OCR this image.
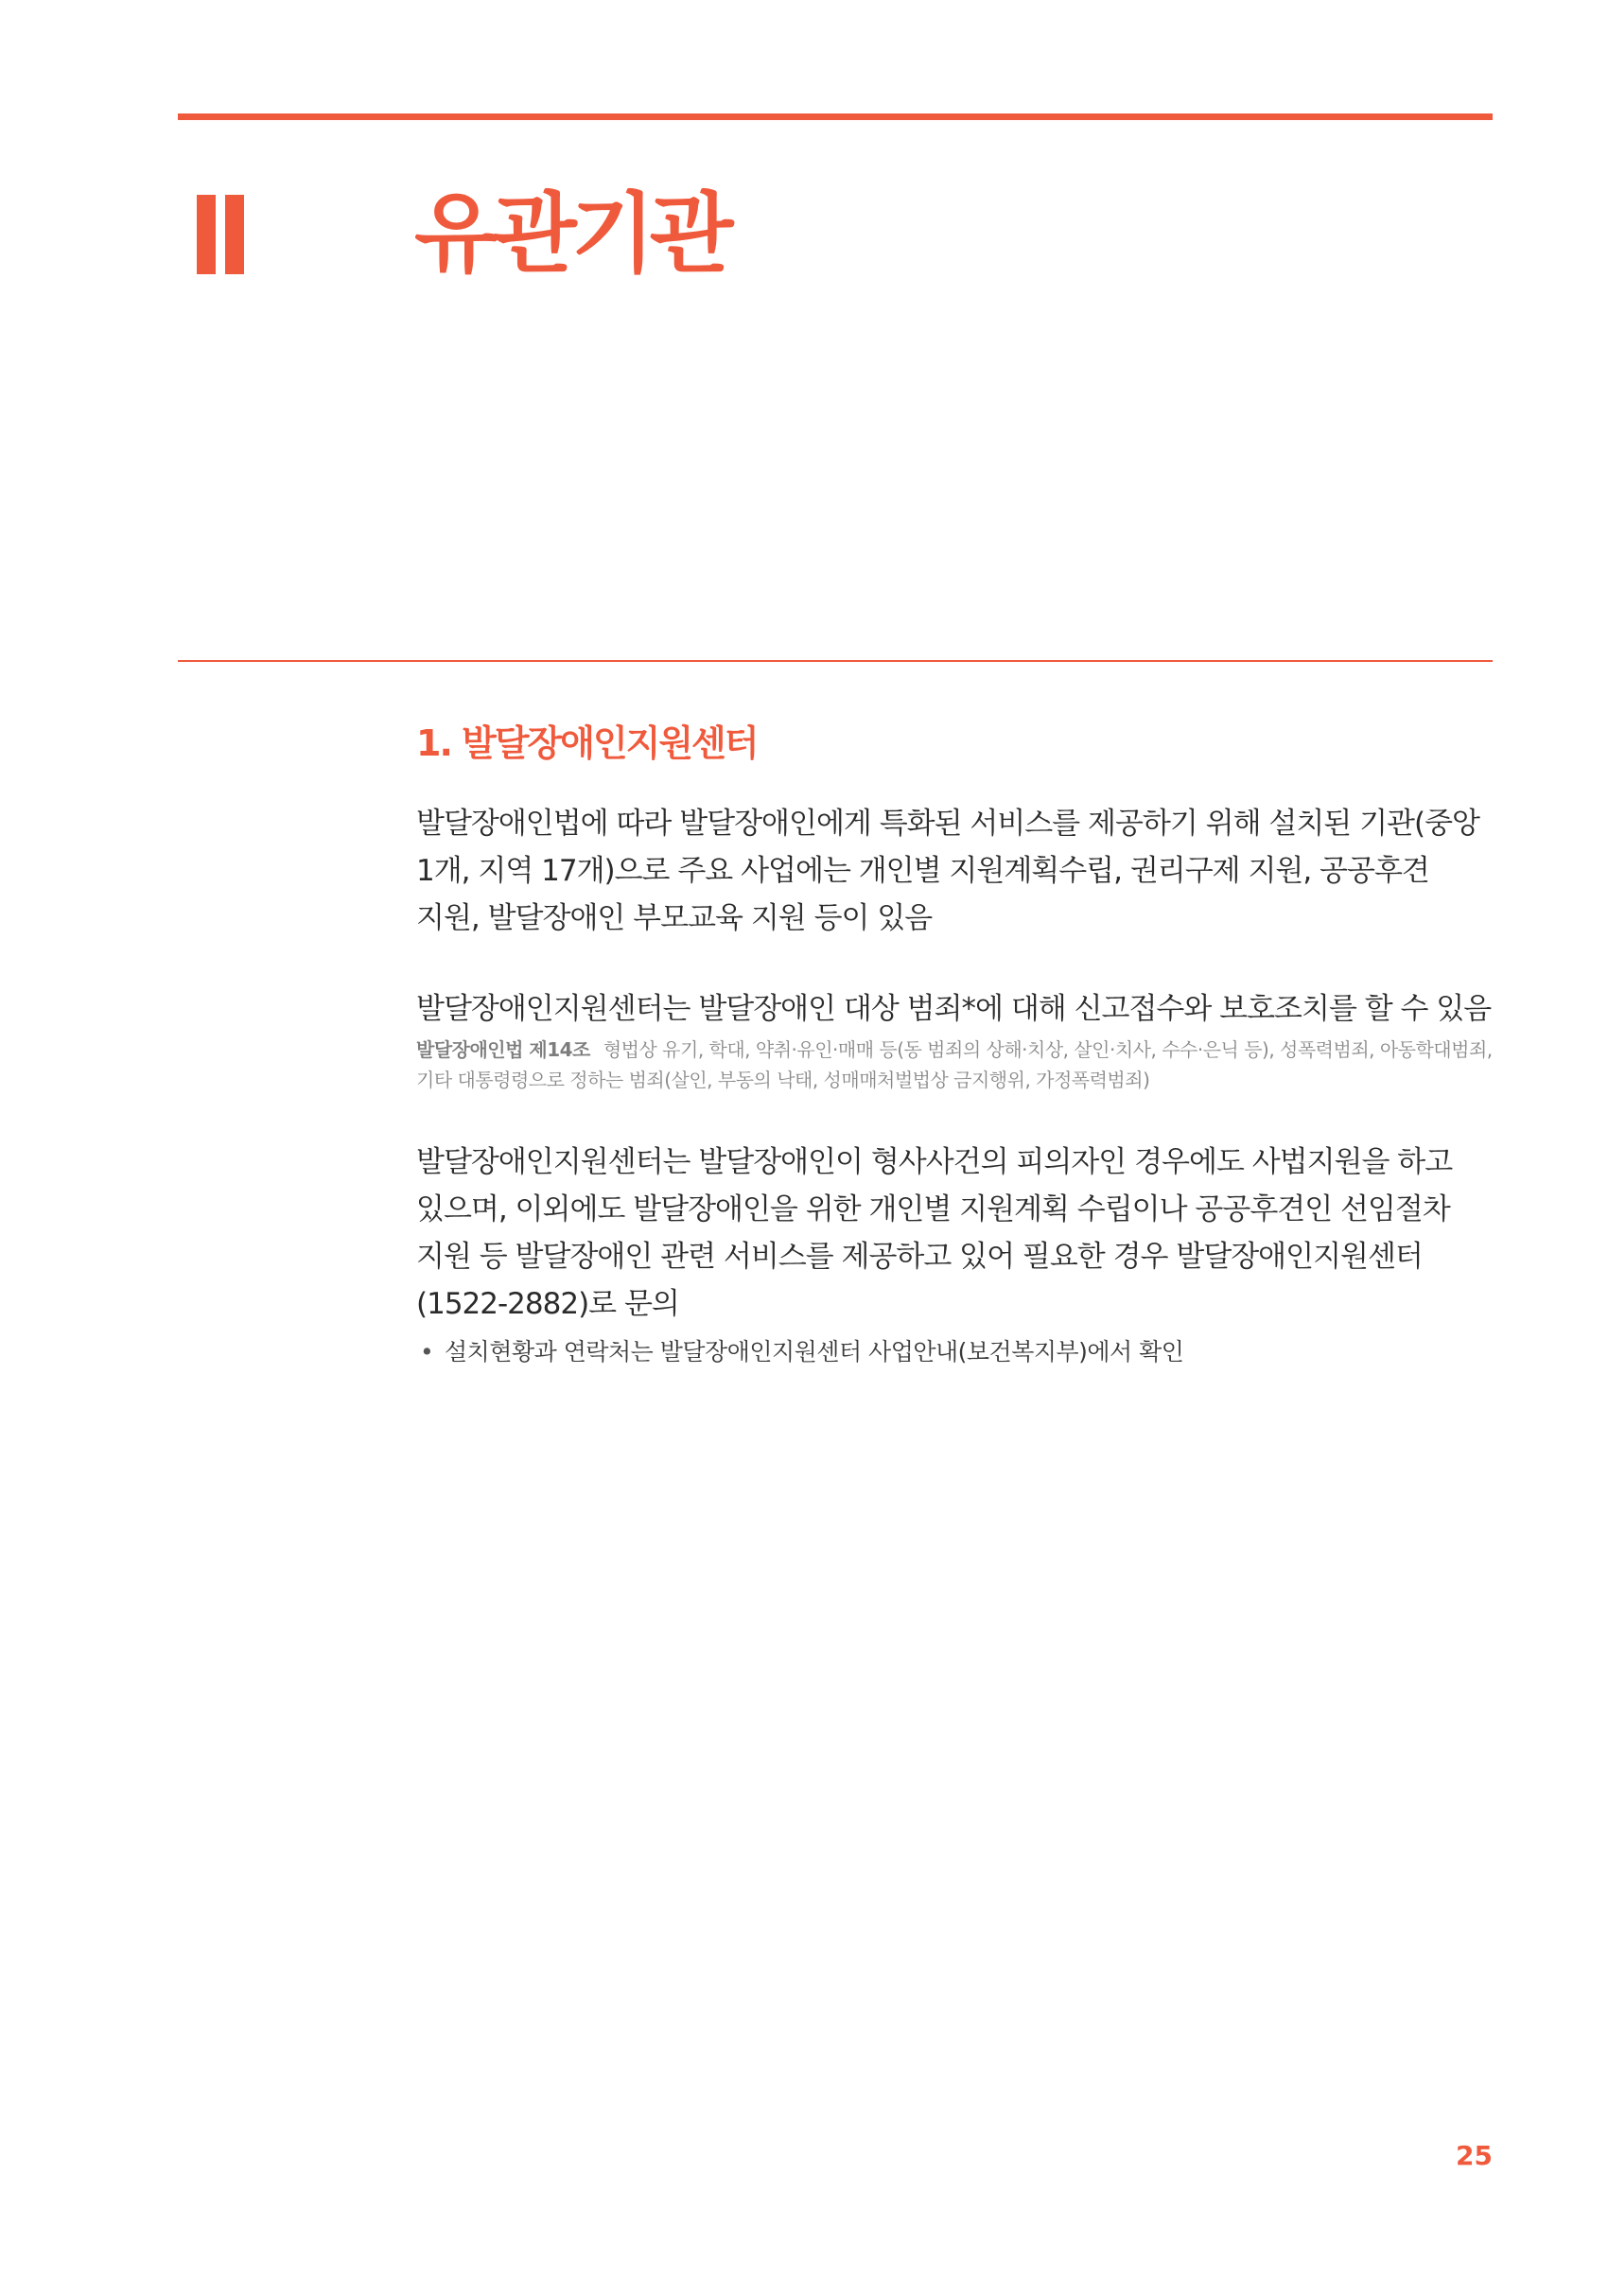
유관기관
1. 발달장애인지원센터

발달장애인법에 따라 발달장애인에게 특화된 서비스를 제공하기 위해 설치된 기관(중앙 1개, 지역 17개)으로 주요 사업에는 개인별 지원계획수립, 권리구제 지원, 공공후견 지원, 발달장애인 부모교육 지원 등이 있음

발달장애인지원센터는 발달장애인 대상 범죄*에 대해 신고접수와 보호조치를 할 수 있음

발달장애인법 제14조 형법상 유기, 학대, 약취·유인·매매 등(동 범죄의 상해·치상, 살인·치사, 수수·은닉 등), 성폭력범죄, 아동학대범죄, 기타 대통령령으로 정하는 범죄(살인, 부동의 낙태, 성매매처벌법상 금지행위, 가정폭력범죄)

발달장애인지원센터는 발달장애인이 형사사건의 피의자인 경우에도 사법지원을 하고 있으며, 이외에도 발달장애인을 위한 개인별 지원계획 수립이나 공공후견인 선임절차 지원 등 발달장애인 관련 서비스를 제공하고 있어 필요한 경우 발달장애인지원센터(1522-2882)로 문의

• 설치현황과 연락처는 발달장애인지원센터 사업안내(보건복지부)에서 확인
25
